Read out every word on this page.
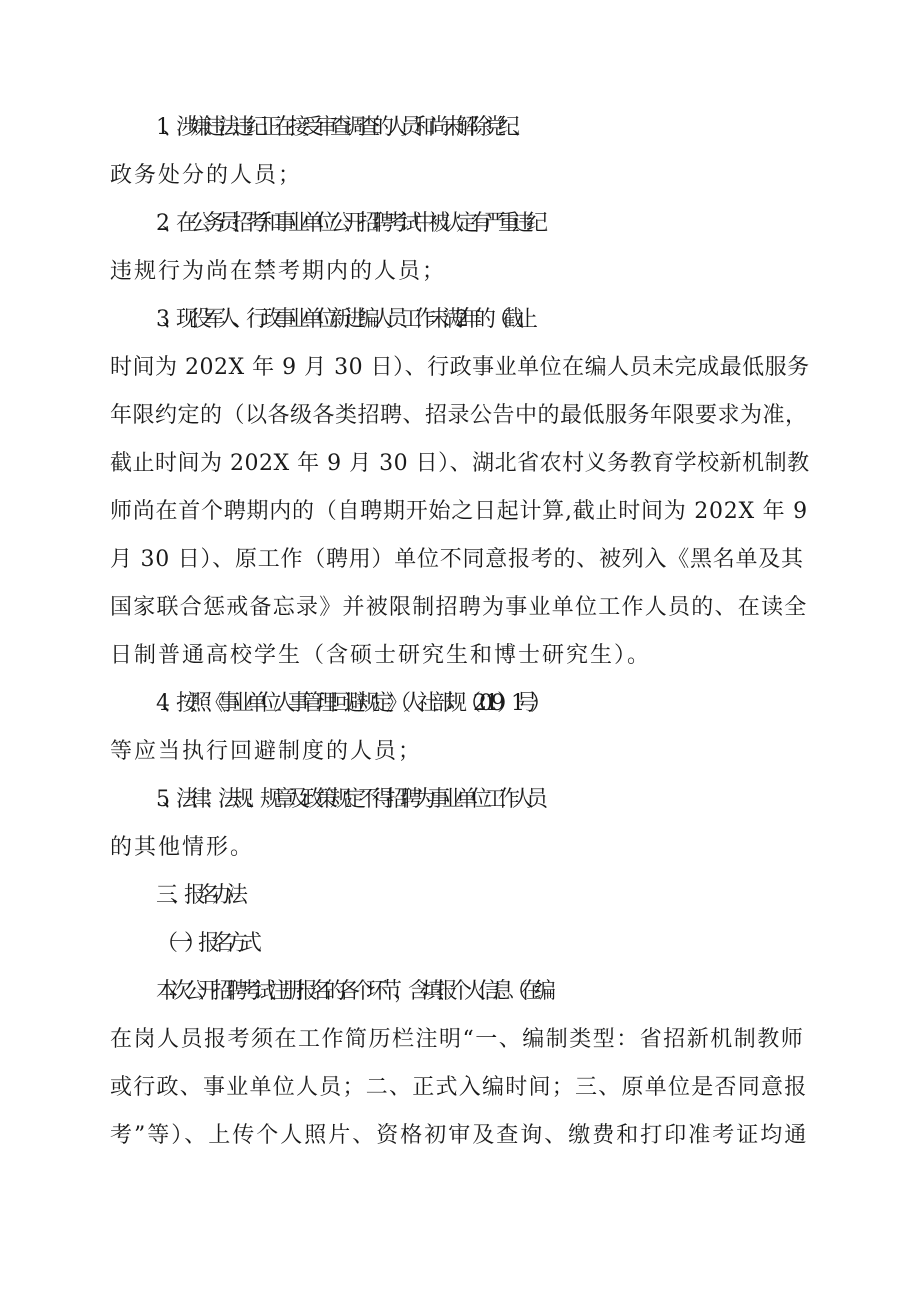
1、涉嫌违法违纪正在接受审查调查的人员和尚未解除党纪、
政务处分的人员；
2、在公务员招考和事业单位公开招聘考试中被认定有严重违纪
违规行为尚在禁考期内的人员；
3、现役军人、行政事业单位新进编人员工作未满 2 年的（截止
时间为 202X 年 9 月 30 日）、行政事业单位在编人员未完成最低服务
年限约定的（以各级各类招聘、招录公告中的最低服务年限要求为准，
截止时间为 202X 年 9 月 30 日）、湖北省农村义务教育学校新机制教
师尚在首个聘期内的（自聘期开始之日起计算,截止时间为 202X 年 9
月 30 日）、原工作（聘用）单位不同意报考的、被列入《黑名单及其
国家联合惩戒备忘录》并被限制招聘为事业单位工作人员的、在读全
日制普通高校学生（含硕士研究生和博士研究生）。
4、按照《事业单位人事管理回避规定》（人社部规（2019）1 号）
等应当执行回避制度的人员；
5、法律、法规、规章及政策规定不得招聘为事业单位工作人员
的其他情形。
三、报名办法
（一）报名方式
本次公开招聘考试注册报名的各个环节，含填报个人信息（在编
在岗人员报考须在工作简历栏注明“一、编制类型：省招新机制教师
或行政、事业单位人员；二、正式入编时间；三、原单位是否同意报
考”等）、上传个人照片、资格初审及查询、缴费和打印准考证均通
